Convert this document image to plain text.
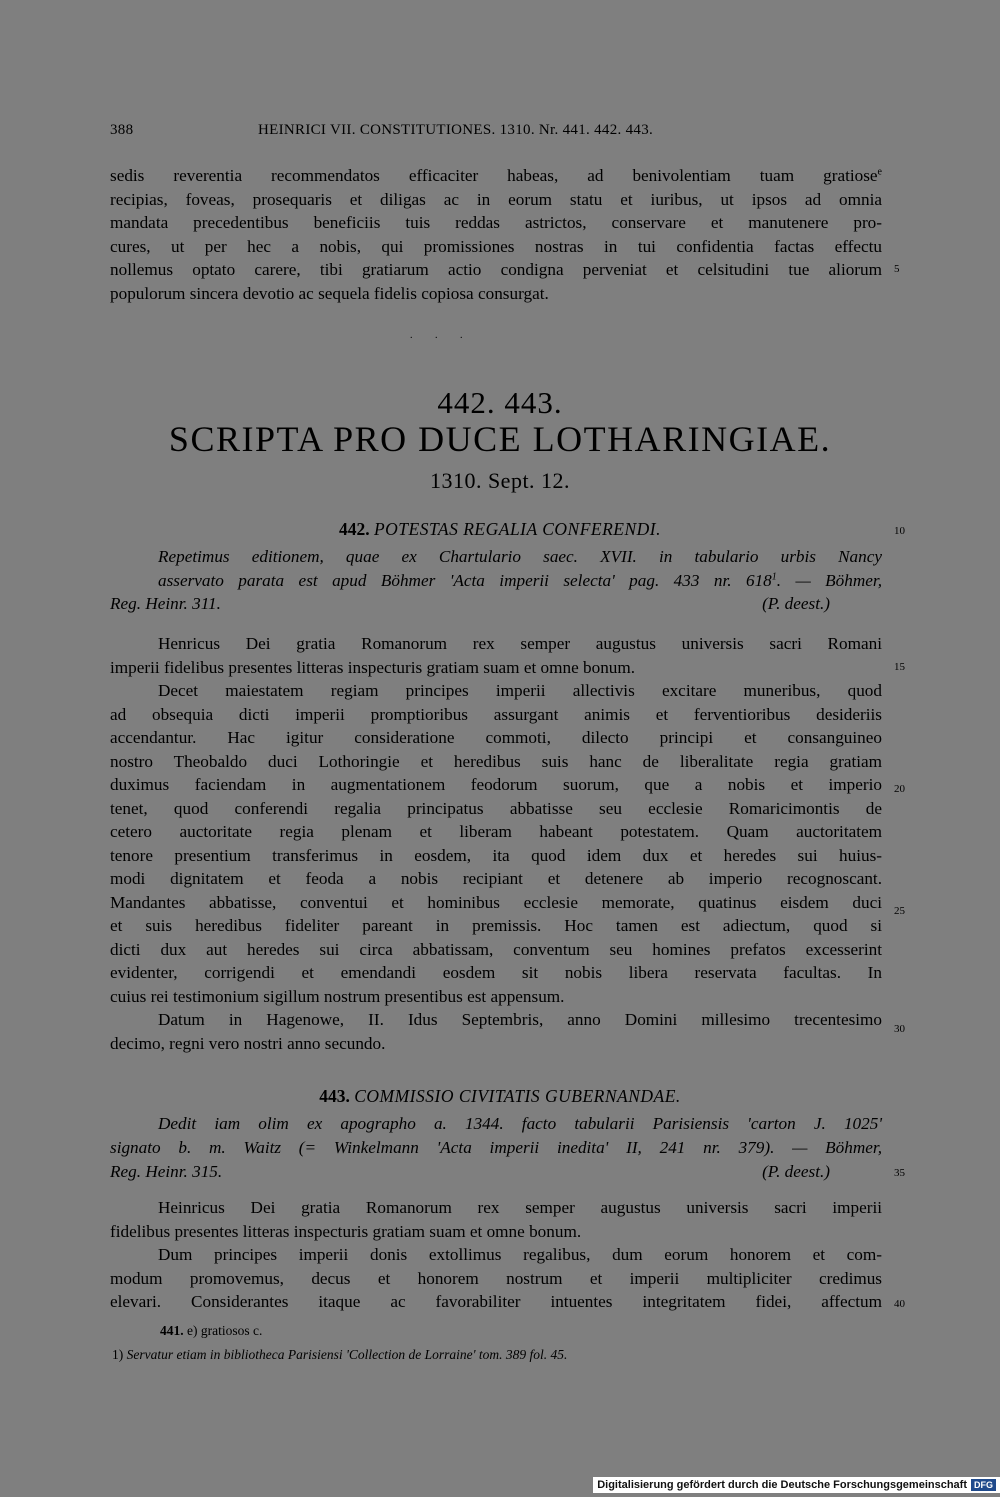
388	HEINRICI VII. CONSTITUTIONES. 1310. Nr. 441. 442. 443.
sedis reverentia recommendatos efficaciter habeas, ad benivolentiam tuam gratiose$^e$
recipias, foveas, prosequaris et diligas ac in eorum statu et iuribus, ut ipsos ad omnia
mandata precedentibus beneficiis tuis reddas astrictos, conservare et manutenere pro-
cures, ut per hec a nobis, qui promissiones nostras in tui confidentia factas effectu
nollemus optato carere, tibi gratiarum actio condigna perveniat et celsitudini tue aliorum
populorum sincera devotio ac sequela fidelis copiosa consurgat.
5
. . .
442. 443.
SCRIPTA PRO DUCE LOTHARINGIAE.
1310. Sept. 12.
442. POTESTAS REGALIA CONFERENDI.	10
Repetimus editionem, quae ex Chartulario saec. XVII. in tabulario urbis Nancy
asservato parata est apud Böhmer 'Acta imperii selecta' pag. 433 nr. $618^1$. — Böhmer,
Reg. Heinr. 311.	(P. deest.)
Henricus Dei gratia Romanorum rex semper augustus universis sacri Romani
imperii fidelibus presentes litteras inspecturis gratiam suam et omne bonum.
Decet maiestatem regiam principes imperii allectivis excitare muneribus, quod
ad obsequia dicti imperii promptioribus assurgant animis et ferventioribus desideriis
accendantur. Hac igitur consideratione commoti, dilecto principi et consanguineo
nostro Theobaldo duci Lothoringie et heredibus suis hanc de liberalitate regia gratiam
duximus faciendam in augmentationem feodorum suorum, que a nobis et imperio
tenet, quod conferendi regalia principatus abbatisse seu ecclesie Romaricimontis de
cetero auctoritate regia plenam et liberam habeant potestatem. Quam auctoritatem
tenore presentium transferimus in eosdem, ita quod idem dux et heredes sui huius-
modi dignitatem et feoda a nobis recipiant et detenere ab imperio recognoscant.
Mandantes abbatisse, conventui et hominibus ecclesie memorate, quatinus eisdem duci
et suis heredibus fideliter pareant in premissis. Hoc tamen est adiectum, quod si
dicti dux aut heredes sui circa abbatissam, conventum seu homines prefatos excesserint
evidenter, corrigendi et emendandi eosdem sit nobis libera reservata facultas. In
cuius rei testimonium sigillum nostrum presentibus est appensum.
Datum in Hagenowe, II. Idus Septembris, anno Domini millesimo trecentesimo
decimo, regni vero nostri anno secundo.
15
20
25
30
443. COMMISSIO CIVITATIS GUBERNANDAE.
Dedit iam olim ex apographo a. 1344. facto tabularii Parisiensis 'carton J. 1025'
signato b. m. Waitz (= Winkelmann 'Acta imperii inedita' II, 241 nr. 379). — Böhmer,
Reg. Heinr. 315.	(P. deest.)	35
Heinricus Dei gratia Romanorum rex semper augustus universis sacri imperii
fidelibus presentes litteras inspecturis gratiam suam et omne bonum.
Dum principes imperii donis extollimus regalibus, dum eorum honorem et com-
modum promovemus, decus et honorem nostrum et imperii multipliciter credimus
elevari. Considerantes itaque ac favorabiliter intuentes integritatem fidei, affectum 40
441. e) gratiosos c.
1) Servatur etiam in bibliotheca Parisiensi 'Collection de Lorraine' tom. 389 fol. 45.
Digitalisierung gefördert durch die Deutsche Forschungsgemeinschaft DFG
